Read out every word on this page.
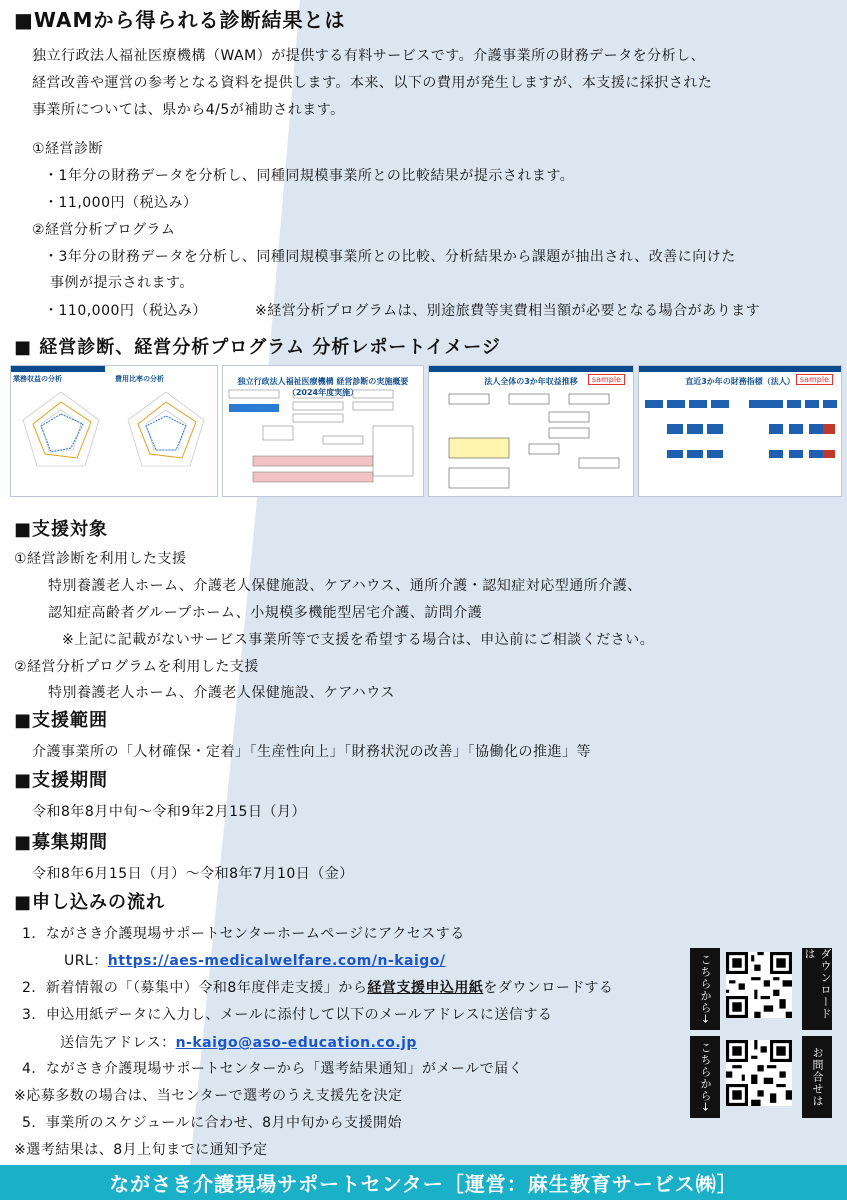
■WAMから得られる診断結果とは
独立行政法人福祉医療機構（WAM）が提供する有料サービスです。介護事業所の財務データを分析し、
経営改善や運営の参考となる資料を提供します。本来、以下の費用が発生しますが、本支援に採択された
事業所については、県から4/5が補助されます。
①経営診断
・1年分の財務データを分析し、同種同規模事業所との比較結果が提示されます。
・11,000円（税込み）
②経営分析プログラム
・3年分の財務データを分析し、同種同規模事業所との比較、分析結果から課題が抽出され、改善に向けた
事例が提示されます。
・110,000円（税込み）	※経営分析プログラムは、別途旅費等実費相当額が必要となる場合があります
■ 経営診断、経営分析プログラム 分析レポートイメージ
業務収益の分析	費用比率の分析	独立行政法人福祉医療機構 経営診断の実施概要（2024年度実施）
法人全体の3か年収益推移	sample	直近3か年の財務指標（法人） sample
■支援対象
①経営診断を利用した支援
特別養護老人ホーム、介護老人保健施設、ケアハウス、通所介護・認知症対応型通所介護、
認知症高齢者グループホーム、小規模多機能型居宅介護、訪問介護
※上記に記載がないサービス事業所等で支援を希望する場合は、申込前にご相談ください。
②経営分析プログラムを利用した支援
特別養護老人ホーム、介護老人保健施設、ケアハウス
■支援範囲
介護事業所の「人材確保・定着」「生産性向上」「財務状況の改善」「協働化の推進」等
■支援期間
令和8年8月中旬～令和9年2月15日（月）
■募集期間
令和8年6月15日（月）～令和8年7月10日（金）
■申し込みの流れ
1．ながさき介護現場サポートセンターホームページにアクセスする
URL：https://aes-medicalwelfare.com/n-kaigo/
2．新着情報の「（募集中）令和8年度伴走支援」から経営支援申込用紙をダウンロードする
3．申込用紙データに入力し、メールに添付して以下のメールアドレスに送信する
送信先アドレス：n-kaigo@aso-education.co.jp
4．ながさき介護現場サポートセンターから「選考結果通知」がメールで届く
※応募多数の場合は、当センターで選考のうえ支援先を決定
5．事業所のスケジュールに合わせ、8月中旬から支援開始
※選考結果は、8月上旬までに通知予定
こちらから→	ダウンロードは
こちらから→	お問合せは
ながさき介護現場サポートセンター［運営：麻生教育サービス㈱］
